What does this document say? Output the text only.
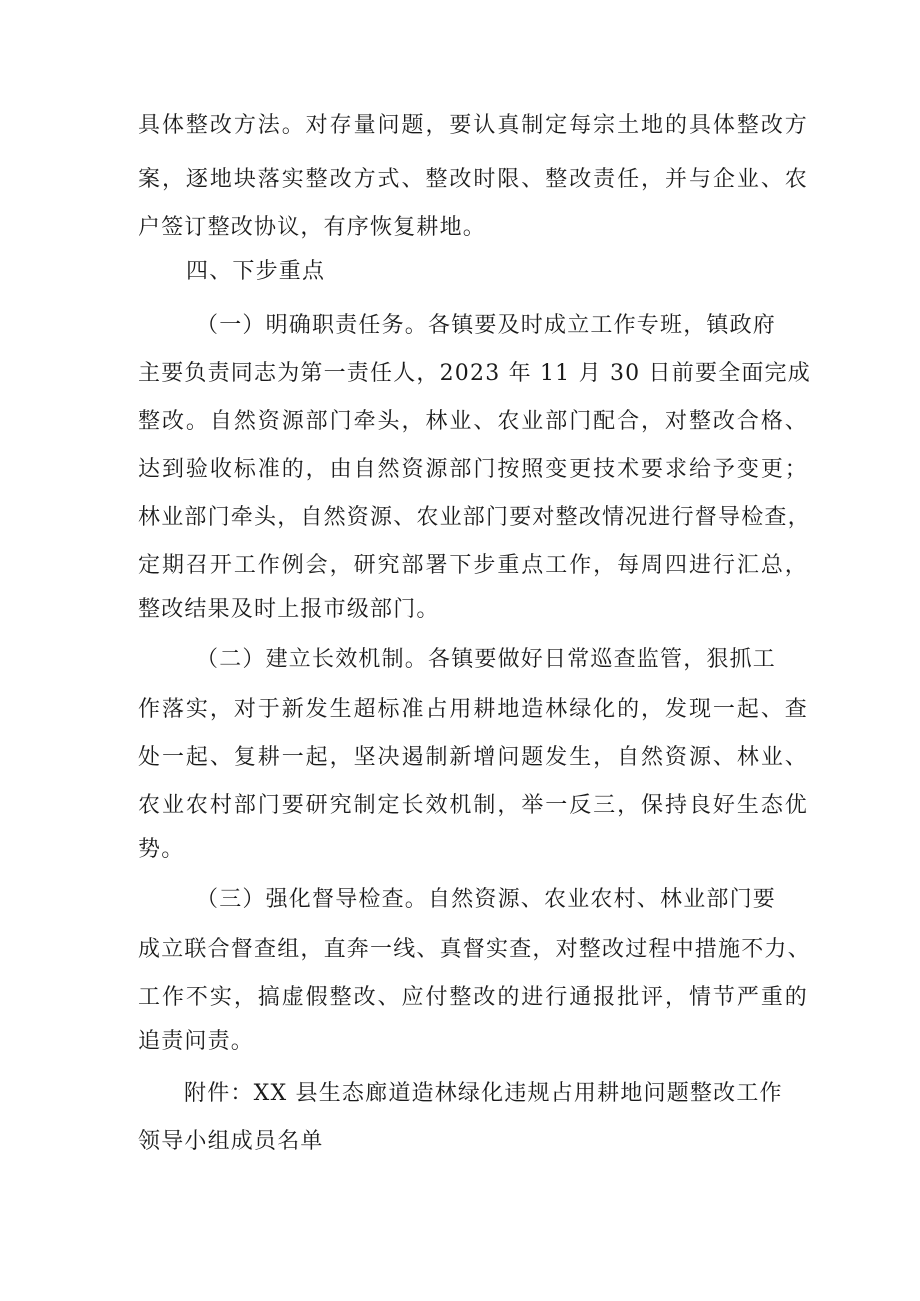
具体整改方法。对存量问题，要认真制定每宗土地的具体整改方
案，逐地块落实整改方式、整改时限、整改责任，并与企业、农
户签订整改协议，有序恢复耕地。
四、下步重点
（一）明确职责任务。各镇要及时成立工作专班，镇政府
主要负责同志为第一责任人，2023 年 11 月 30 日前要全面完成
整改。自然资源部门牵头，林业、农业部门配合，对整改合格、
达到验收标准的，由自然资源部门按照变更技术要求给予变更；
林业部门牵头，自然资源、农业部门要对整改情况进行督导检查，
定期召开工作例会，研究部署下步重点工作，每周四进行汇总，
整改结果及时上报市级部门。
（二）建立长效机制。各镇要做好日常巡查监管，狠抓工
作落实，对于新发生超标准占用耕地造林绿化的，发现一起、查
处一起、复耕一起，坚决遏制新增问题发生，自然资源、林业、
农业农村部门要研究制定长效机制，举一反三，保持良好生态优
势。
（三）强化督导检查。自然资源、农业农村、林业部门要
成立联合督查组，直奔一线、真督实查，对整改过程中措施不力、
工作不实，搞虚假整改、应付整改的进行通报批评，情节严重的
追责问责。
附件：XX 县生态廊道造林绿化违规占用耕地问题整改工作
领导小组成员名单
